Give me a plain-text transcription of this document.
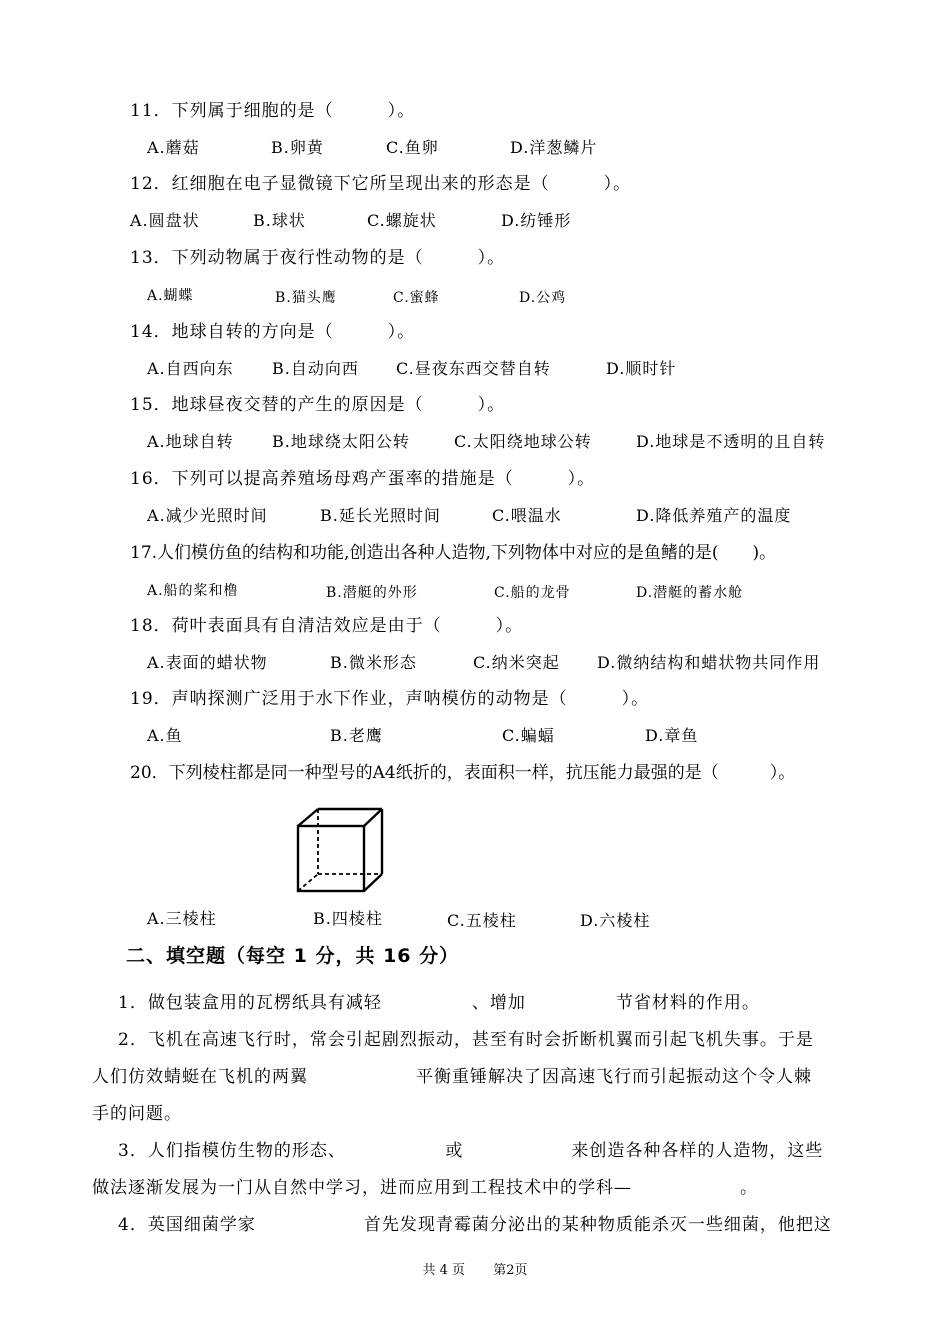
11．下列属于细胞的是（　　　）。
A.蘑菇	B.卵黄	C.鱼卵	D.洋葱鳞片
12．红细胞在电子显微镜下它所呈现出来的形态是（　　　）。
A.圆盘状	B.球状	C.螺旋状	D.纺锤形
13．下列动物属于夜行性动物的是（　　　）。
A.蝴蝶	B.猫头鹰	C.蜜蜂	D.公鸡
14．地球自转的方向是（　　　）。
A.自西向东 B.自动向西 C.昼夜东西交替自转	D.顺时针
15．地球昼夜交替的产生的原因是（　　　）。
A.地球自转 B.地球绕太阳公转	C.太阳绕地球公转	D.地球是不透明的且自转
16．下列可以提高养殖场母鸡产蛋率的措施是（　　　）。
A.减少光照时间	B.延长光照时间	C.喂温水	D.降低养殖产的温度
17.人们模仿鱼的结构和功能,创造出各种人造物,下列物体中对应的是鱼鳍的是(　　)。
A.船的桨和橹	B.潜艇的外形	C.船的龙骨	D.潜艇的蓄水舱
18．荷叶表面具有自清洁效应是由于（　　　）。
A.表面的蜡状物	B.微米形态	C.纳米突起 D.微纳结构和蜡状物共同作用
19．声呐探测广泛用于水下作业，声呐模仿的动物是（　　　）。
A.鱼	B.老鹰	C.蝙蝠	D.章鱼
20．下列棱柱都是同一种型号的A4纸折的，表面积一样，抗压能力最强的是（　　　）。
A.三棱柱	B.四棱柱	C.五棱柱	D.六棱柱
二、填空题（每空 1 分，共 16 分）
1．做包装盒用的瓦楞纸具有减轻　　　　　、增加　　　　　节省材料的作用。
2．飞机在高速飞行时，常会引起剧烈振动，甚至有时会折断机翼而引起飞机失事。于是
人们仿效蜻蜓在飞机的两翼　　　　　　平衡重锤解决了因高速飞行而引起振动这个令人棘
手的问题。
3．人们指模仿生物的形态、　　　　　　或　　　　　　来创造各种各样的人造物，这些
做法逐渐发展为一门从自然中学习，进而应用到工程技术中的学科—　　　　　　。
4．英国细菌学家　　　　　　首先发现青霉菌分泌出的某种物质能杀灭一些细菌，他把这
共 4 页 第2页
